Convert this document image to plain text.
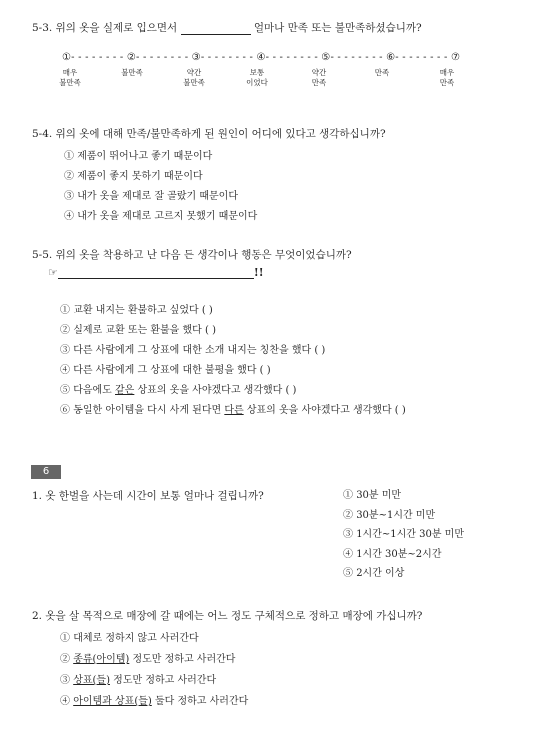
5-3. 위의 옷을 실제로 입으면서	얼마나 만족 또는 불만족하셨습니까?
①- - - - - - - - ②- - - - - - - - ③- - - - - - - - ④- - - - - - - - ⑤- - - - - - - - ⑥- - - - - - - - ⑦
매우
불만족
불만족
	약간
불만족
보통
이었다
약간
만족
만족
	매우
만족
5-4. 위의 옷에 대해 만족/불만족하게 된 원인이 어디에 있다고 생각하십니까?
① 제품이 뛰어나고 좋기 때문이다
② 제품이 좋지 못하기 때문이다
③ 내가 옷을 제대로 잘 골랐기 때문이다
④ 내가 옷을 제대로 고르지 못했기 때문이다
5-5. 위의 옷을 착용하고 난 다음 든 생각이나 행동은 무엇이었습니까?
☞	!!
① 교환 내지는 환불하고 싶었다 ( )
② 실제로 교환 또는 환불을 했다 ( )
③ 다른 사람에게 그 상표에 대한 소개 내지는 칭찬을 했다 ( )
④ 다른 사람에게 그 상표에 대한 불평을 했다 ( )
⑤ 다음에도 같은 상표의 옷을 사야겠다고 생각했다 ( )
⑥ 동일한 아이템을 다시 사게 된다면 다른 상표의 옷을 사야겠다고 생각했다 ( )
6
1. 옷 한벌을 사는데 시간이 보통 얼마나 걸립니까?	① 30분 미만
② 30분~1시간 미만
③ 1시간~1시간 30분 미만
④ 1시간 30분~2시간
⑤ 2시간 이상
2. 옷을 살 목적으로 매장에 갈 때에는 어느 정도 구체적으로 정하고 매장에 가십니까?
① 대체로 정하지 않고 사러간다
② 종류(아이템) 정도만 정하고 사러간다
③ 상표(들) 정도만 정하고 사러간다
④ 아이템과 상표(들) 둘다 정하고 사러간다
